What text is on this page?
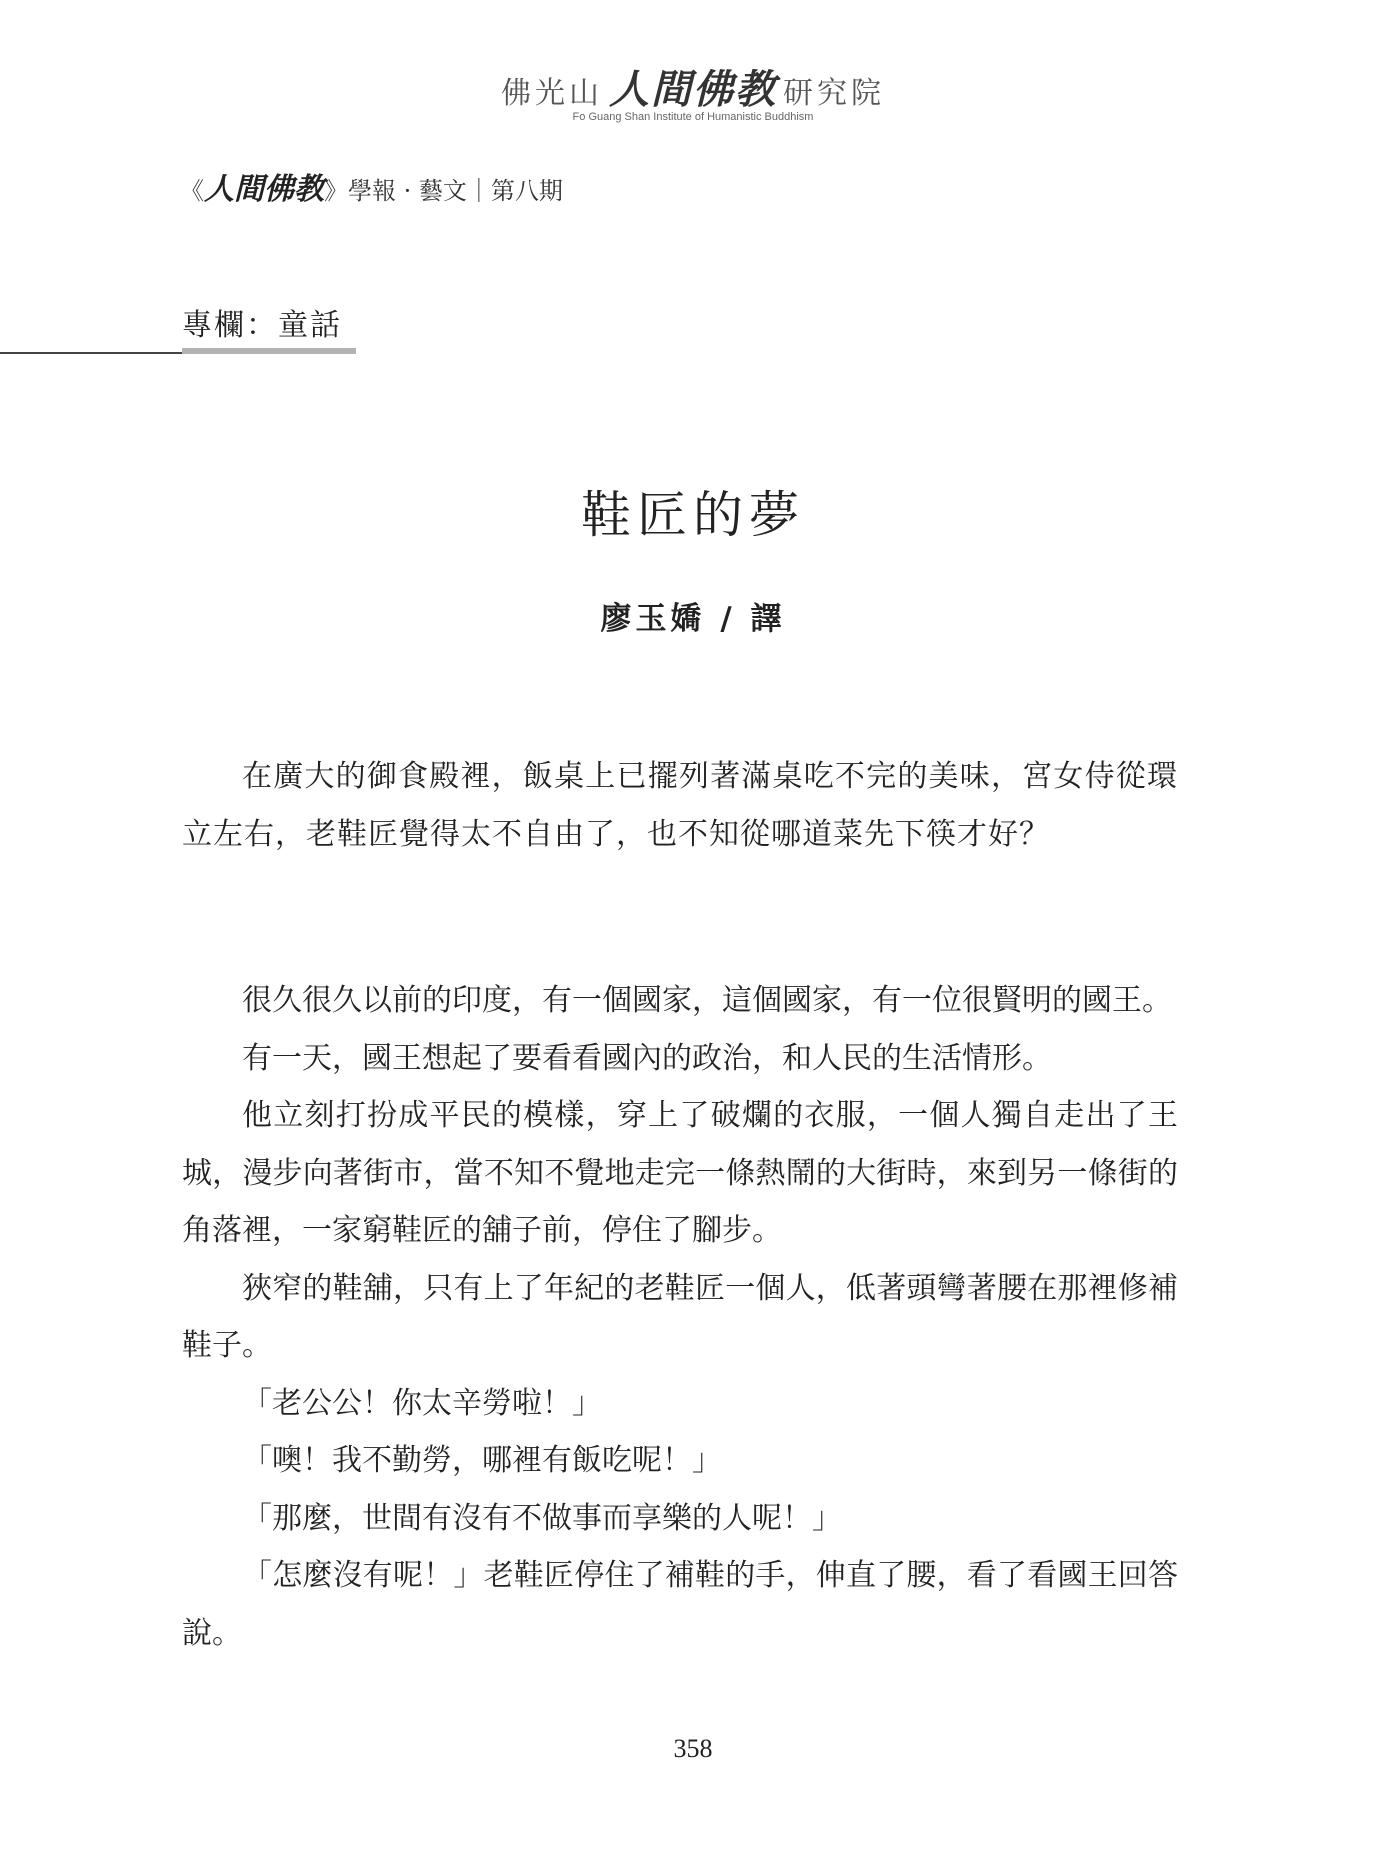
佛光山 人間佛教 研究院
Fo Guang Shan Institute of Humanistic Buddhism
《人間佛教》學報 · 藝文｜第八期
專欄：童話
鞋匠的夢
廖玉嬌 / 譯

在廣大的御食殿裡，飯桌上已擺列著滿桌吃不完的美味，宮女侍從環立左右，老鞋匠覺得太不自由了，也不知從哪道菜先下筷才好？

很久很久以前的印度，有一個國家，這個國家，有一位很賢明的國王。

有一天，國王想起了要看看國內的政治，和人民的生活情形。

他立刻打扮成平民的模樣，穿上了破爛的衣服，一個人獨自走出了王城，漫步向著街市，當不知不覺地走完一條熱鬧的大街時，來到另一條街的角落裡，一家窮鞋匠的舖子前，停住了腳步。

狹窄的鞋舖，只有上了年紀的老鞋匠一個人，低著頭彎著腰在那裡修補鞋子。

「老公公！你太辛勞啦！」

「噢！我不勤勞，哪裡有飯吃呢！」

「那麼，世間有沒有不做事而享樂的人呢！」

「怎麼沒有呢！」老鞋匠停住了補鞋的手，伸直了腰，看了看國王回答說。

358
